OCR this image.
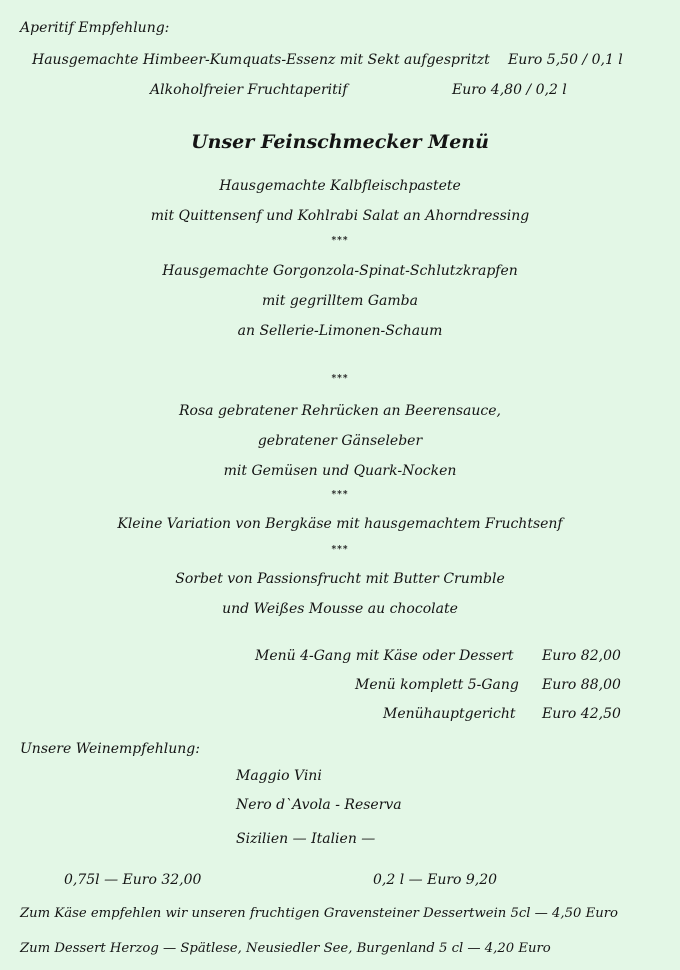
Aperitif Empfehlung:
Hausgemachte Himbeer-Kumquats-Essenz mit Sekt aufgespritzt Euro 5,50 / 0,1 l
Alkoholfreier Fruchtaperitif	Euro 4,80 / 0,2 l
Unser Feinschmecker Menü
Hausgemachte Kalbfleischpastete
mit Quittensenf und Kohlrabi Salat an Ahorndressing
***
Hausgemachte Gorgonzola-Spinat-Schlutzkrapfen
mit gegrilltem Gamba
an Sellerie-Limonen-Schaum
***
Rosa gebratener Rehrücken an Beerensauce,
gebratener Gänseleber
mit Gemüsen und Quark-Nocken
***
Kleine Variation von Bergkäse mit hausgemachtem Fruchtsenf
***
Sorbet von Passionsfrucht mit Butter Crumble
und Weißes Mousse au chocolate
Menü 4-Gang mit Käse oder Dessert Euro 82,00
Menü komplett 5-Gang Euro 88,00
Menühauptgericht Euro 42,50
Unsere Weinempfehlung:
Maggio Vini
Nero d`Avola - Reserva
Sizilien — Italien —
0,75l — Euro 32,00	0,2 l — Euro 9,20
Zum Käse empfehlen wir unseren fruchtigen Gravensteiner Dessertwein 5cl — 4,50 Euro
Zum Dessert Herzog — Spätlese, Neusiedler See, Burgenland 5 cl — 4,20 Euro
